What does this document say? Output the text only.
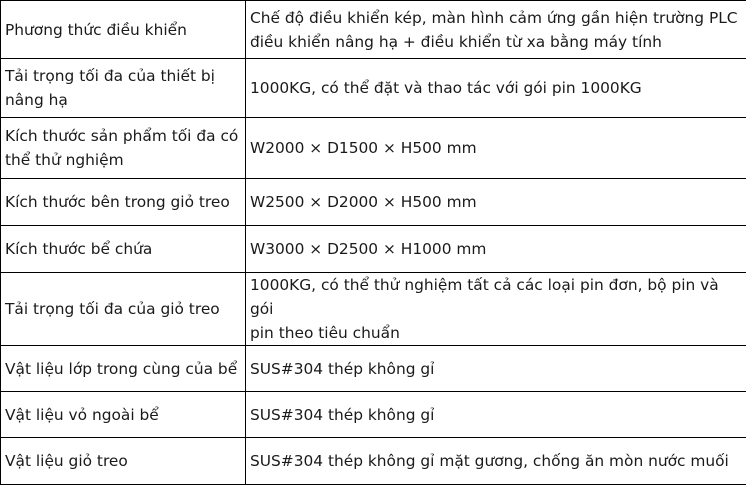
Phương thức điều khiển	Chế độ điều khiển kép, màn hình cảm ứng gần hiện trường PLC
điều khiển nâng hạ + điều khiển từ xa bằng máy tính
Tải trọng tối đa của thiết bị
nâng hạ	1000KG, có thể đặt và thao tác với gói pin 1000KG
Kích thước sản phẩm tối đa có
thể thử nghiệm	W2000 × D1500 × H500 mm
Kích thước bên trong giỏ treo	W2500 × D2000 × H500 mm
Kích thước bể chứa	W3000 × D2500 × H1000 mm
Tải trọng tối đa của giỏ treo	1000KG, có thể thử nghiệm tất cả các loại pin đơn, bộ pin và gói
pin theo tiêu chuẩn
Vật liệu lớp trong cùng của bể	SUS#304 thép không gỉ
Vật liệu vỏ ngoài bể	SUS#304 thép không gỉ
Vật liệu giỏ treo	SUS#304 thép không gỉ mặt gương, chống ăn mòn nước muối
